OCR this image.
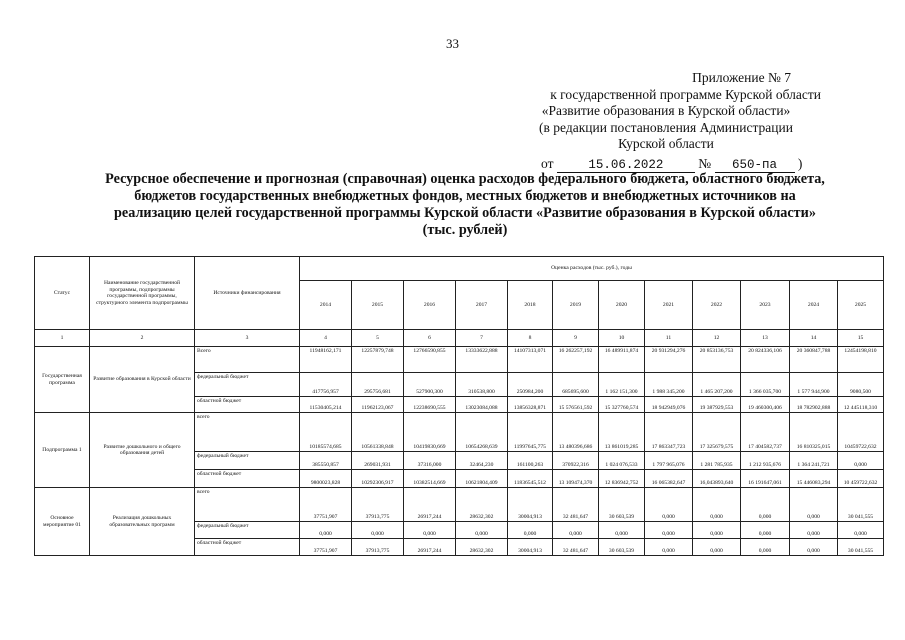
33
Приложение № 7
к государственной программе Курской области
«Развитие образования в Курской области»
(в редакции постановления Администрации
Курской области
от	15.06.2022	№ 650-па )
Ресурсное обеспечение и прогнозная (справочная) оценка расходов федерального бюджета, областного бюджета, бюджетов государственных внебюджетных фондов, местных бюджетов и внебюджетных источников на реализацию целей государственной программы Курской области «Развитие образования в Курской области» (тыс. рублей)
Статус	Наименование государственной программы, подпрограммы государственной программы, структурного элемента подпрограммы	Источники финансирования	Оценка расходов (тыс. руб.), годы											
			2014	2015	2016	2017	2018	2019	2020	2021	2022	2023	2024	2025
1	2	3	4	5	6	7	8	9	10	11	12	13	14	15
Государственная программа	Развитие образования в Курской области	Всего	11948162,171	12257879,748	12766590,855	13333622,888	14107313,071	16 262257,192	16 489911,874	20 931294,276	20 853136,753	20 824336,106	20 360847,788	12454198,810
		федеральный бюджет	417756,957	295756,681	527900,300	310538,800	250984,200	685695,600	1 162 151,300	1 988 345,200	1 465 207,200	1 366 035,700	1 577 944,900	9080,500
		областной бюджет	11530405,214	11962123,067	12238690,555	13023084,088	13856328,871	15 576561,592	15 327760,574	18 942949,076	19 387929,553	19 460300,406	18 782902,888	12 445118,310
Подпрограмма 1	Развитие дошкольного и общего образования детей	всего	10185574,685	10561338,848	10419830,669	10654268,639	11997645,775	13 480396,686	13 861019,285	17 863347,723	17 325679,575	17 404582,737	16 810325,015	10459722,632
		федеральный бюджет	385550,857	269031,931	37316,000	32464,230	161100,263	370922,316	1 024 076,533	1 797 965,076	1 281 785,935	1 212 935,676	1 364 241,721	0,000
		областной бюджет	9800023,828	10292306,917	10382514,669	10621804,409	11836545,512	13 109474,370	12 836942,752	16 065382,647	16,043893,640	16 191647,061	15 446083,294	10 459722,632
Основное мероприятие 01	Реализация дошкольных образовательных программ	всего	37751,907	37913,775	26917,244	28632,302	30004,913	32 481,647	30 603,539	0,000	0,000	0,000	0,000	30 041,555
		федеральный бюджет	0,000	0,000	0,000	0,000	0,000	0,000	0,000	0,000	0,000	0,000	0,000	0,000
		областной бюджет	37751,907	37913,775	26917,244	28632,302	30004,913	32 481,647	30 603,539	0,000	0,000	0,000	0,000	30 041,555
